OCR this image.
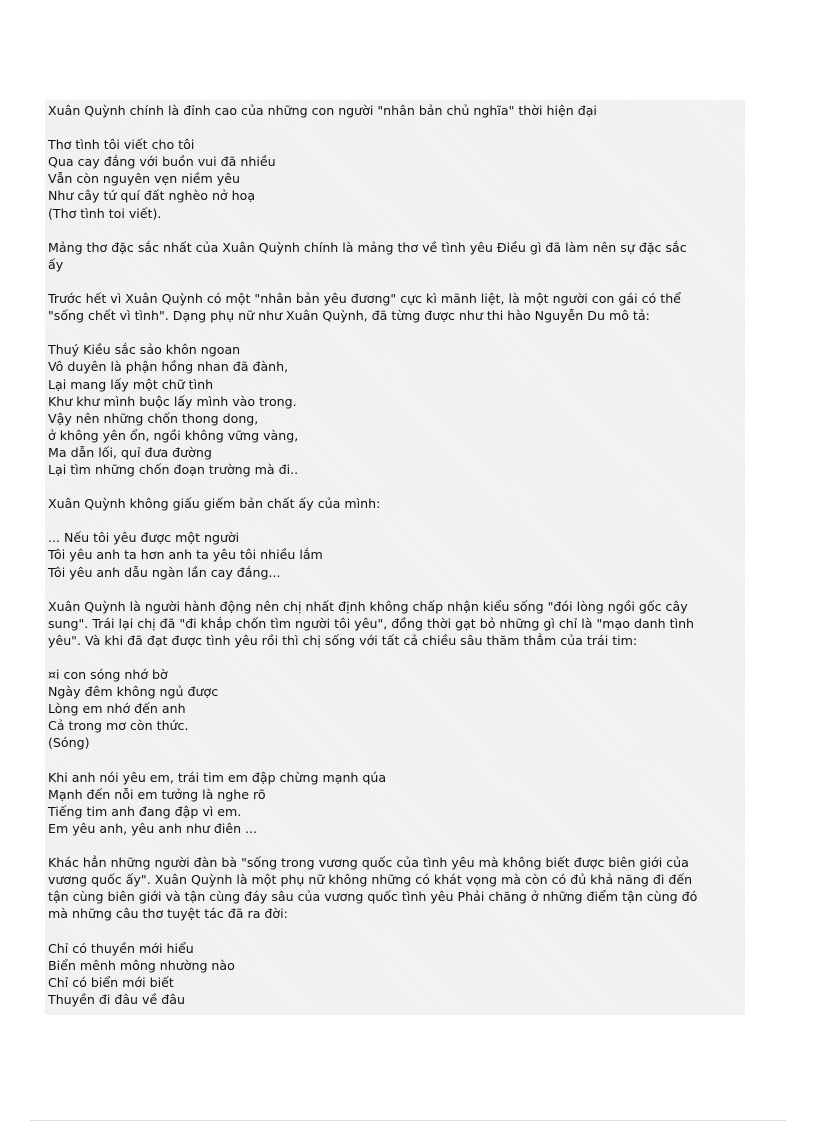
Xuân Quỳnh chính là đỉnh cao của những con người "nhân bản chủ nghĩa" thời hiện đại

Thơ tình tôi viết cho tôi
Qua cay đắng với buồn vui đã nhiều
Vẫn còn nguyên vẹn niềm yêu
Như cây tứ quí đất nghèo nở hoạ
(Thơ tình toi viết).

Mảng thơ đặc sắc nhất của Xuân Quỳnh chính là mảng thơ về tình yêu Điều gì đã làm nên sự đặc sắc
ấy

Trước hết vì Xuân Quỳnh có một "nhân bản yêu đương" cực kì mãnh liệt, là một người con gái có thể
"sống chết vì tình". Dạng phụ nữ như Xuân Quỳnh, đã từng được như thi hào Nguyễn Du mô tả:

Thuý Kiều sắc sảo khôn ngoan
Vô duyên là phận hồng nhan đã đành,
Lại mang lấy một chữ tình
Khư khư mình buộc lấy mình vào trong.
Vậy nên những chốn thong dong,
ở không yên ổn, ngồi không vững vàng,
Ma dẫn lối, quỉ đưa đường
Lại tìm những chốn đoạn trường mà đi..

Xuân Quỳnh không giấu giếm bản chất ấy của mình:

... Nếu tôi yêu được một người
Tôi yêu anh ta hơn anh ta yêu tôi nhiều lắm
Tôi yêu anh dẫu ngàn lần cay đắng...

Xuân Quỳnh là người hành động nên chị nhất định không chấp nhận kiểu sống "đói lòng ngồi gốc cây
sung". Trái lại chị đã "đi khắp chốn tìm người tôi yêu", đồng thời gạt bỏ những gì chỉ là "mạo danh tình
yêu". Và khi đã đạt được tình yêu rồi thì chị sống với tất cả chiều sâu thăm thẳm của trái tim:

¤i con sóng nhớ bờ
Ngày đêm không ngủ được
Lòng em nhớ đến anh
Cả trong mơ còn thức.
(Sóng)

Khi anh nói yêu em, trái tim em đập chừng mạnh qúa
Mạnh đến nỗi em tưởng là nghe rõ
Tiếng tim anh đang đập vì em.
Em yêu anh, yêu anh như điên ...

Khác hẳn những người đàn bà "sống trong vương quốc của tình yêu mà không biết được biên giới của
vương quốc ấy". Xuân Quỳnh là một phụ nữ không những có khát vọng mà còn có đủ khả năng đi đến
tận cùng biên giới và tận cùng đáy sâu của vương quốc tình yêu Phải chăng ở những điểm tận cùng đó
mà những câu thơ tuyệt tác đã ra đời:

Chỉ có thuyền mới hiểu
Biển mênh mông nhường nào
Chỉ có biển mới biết
Thuyền đi đâu về đâu
